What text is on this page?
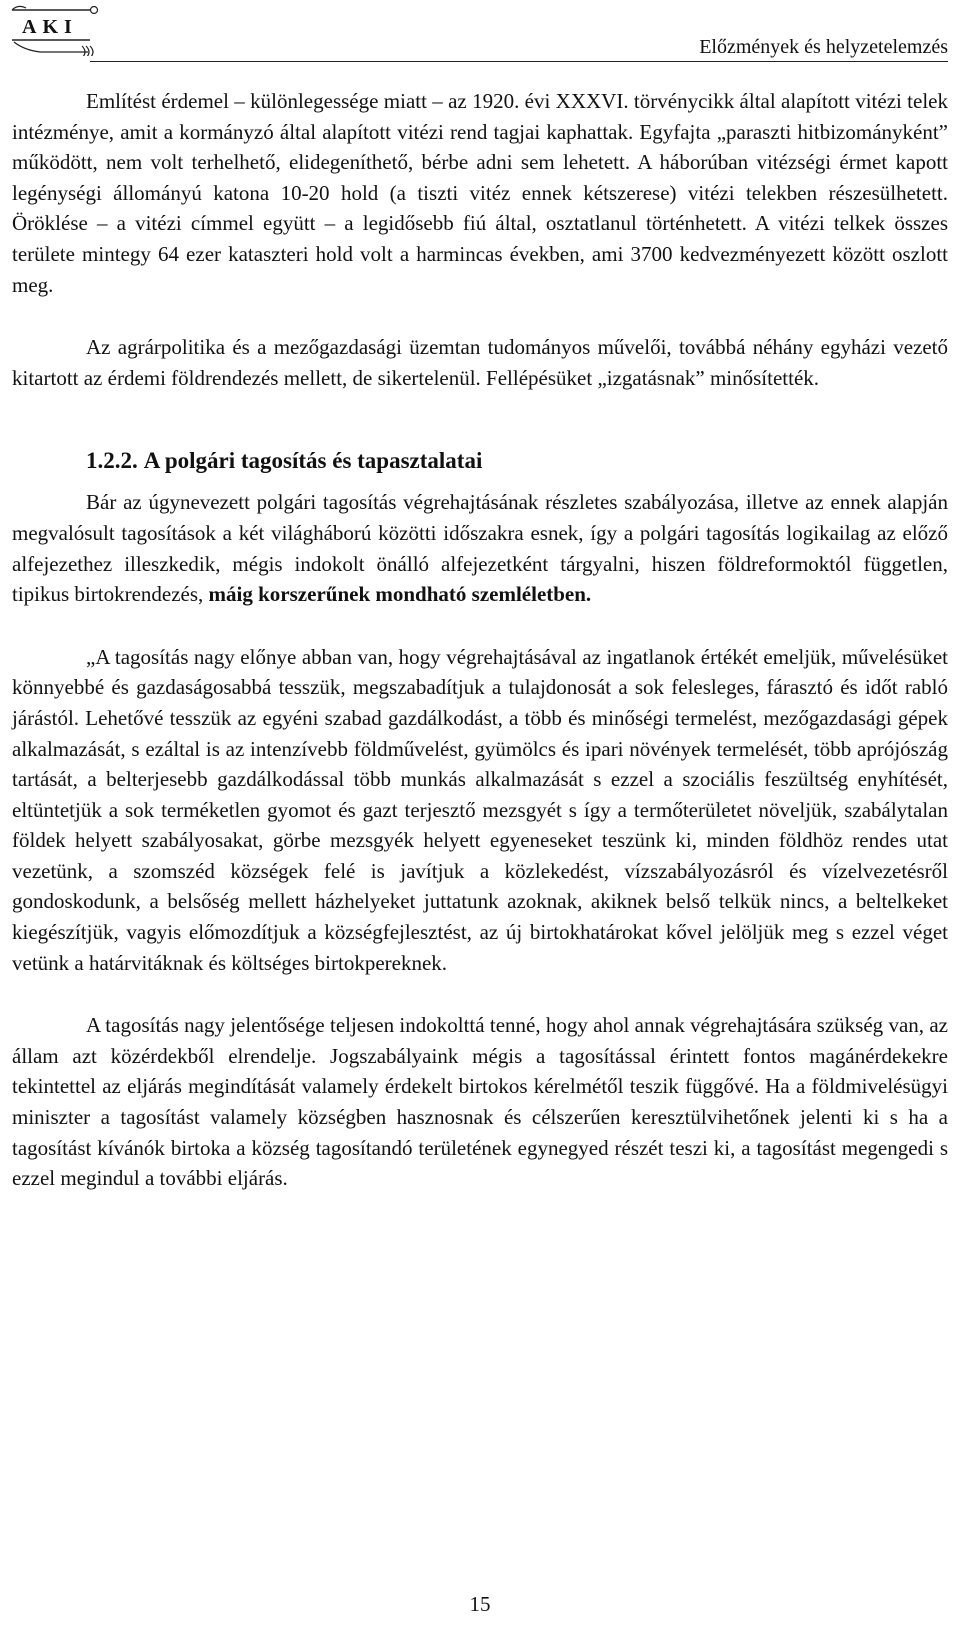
AKI
Előzmények és helyzetelemzés

Említést érdemel – különlegessége miatt – az 1920. évi XXXVI. törvénycikk által alapított vitézi telek intézménye, amit a kormányzó által alapított vitézi rend tagjai kaphattak. Egyfajta „paraszti hitbizományként” működött, nem volt terhelhető, elidegeníthető, bérbe adni sem lehetett. A háborúban vitézségi érmet kapott legénységi állományú katona 10-20 hold (a tiszti vitéz ennek kétszerese) vitézi telekben részesülhetett. Öröklése – a vitézi címmel együtt – a legidősebb fiú által, osztatlanul történhetett. A vitézi telkek összes területe mintegy 64 ezer kataszteri hold volt a harmincas években, ami 3700 kedvezményezett között oszlott meg.

Az agrárpolitika és a mezőgazdasági üzemtan tudományos művelői, továbbá néhány egyházi vezető kitartott az érdemi földrendezés mellett, de sikertelenül. Fellépésüket „izgatásnak” minősítették.

1.2.2. A polgári tagosítás és tapasztalatai

Bár az úgynevezett polgári tagosítás végrehajtásának részletes szabályozása, illetve az ennek alapján megvalósult tagosítások a két világháború közötti időszakra esnek, így a polgári tagosítás logikailag az előző alfejezethez illeszkedik, mégis indokolt önálló alfejezetként tárgyalni, hiszen földreformoktól független, tipikus birtokrendezés, máig korszerűnek mondható szemléletben.

„A tagosítás nagy előnye abban van, hogy végrehajtásával az ingatlanok értékét emeljük, művelésüket könnyebbé és gazdaságosabbá tesszük, megszabadítjuk a tulajdonosát a sok felesleges, fárasztó és időt rabló járástól. Lehetővé tesszük az egyéni szabad gazdálkodást, a több és minőségi termelést, mezőgazdasági gépek alkalmazását, s ezáltal is az intenzívebb földművelést, gyümölcs és ipari növények termelését, több aprójószág tartását, a belterjesebb gazdálkodással több munkás alkalmazását s ezzel a szociális feszültség enyhítését, eltüntetjük a sok terméketlen gyomot és gazt terjesztő mezsgyét s így a termőterületet növeljük, szabálytalan földek helyett szabályosakat, görbe mezsgyék helyett egyeneseket teszünk ki, minden földhöz rendes utat vezetünk, a szomszéd községek felé is javítjuk a közlekedést, vízszabályozásról és vízelvezetésről gondoskodunk, a belsőség mellett házhelyeket juttatunk azoknak, akiknek belső telkük nincs, a beltelkeket kiegészítjük, vagyis előmozdítjuk a községfejlesztést, az új birtokhatárokat kővel jelöljük meg s ezzel véget vetünk a határvitáknak és költséges birtokpereknek.

A tagosítás nagy jelentősége teljesen indokolttá tenné, hogy ahol annak végrehajtására szükség van, az állam azt közérdekből elrendelje. Jogszabályaink mégis a tagosítással érintett fontos magánérdekekre tekintettel az eljárás megindítását valamely érdekelt birtokos kérelmétől teszik függővé. Ha a földmivelésügyi miniszter a tagosítást valamely községben hasznosnak és célszerűen keresztülvihetőnek jelenti ki s ha a tagosítást kívánók birtoka a község tagosítandó területének egynegyed részét teszi ki, a tagosítást megengedi s ezzel megindul a további eljárás.

15
